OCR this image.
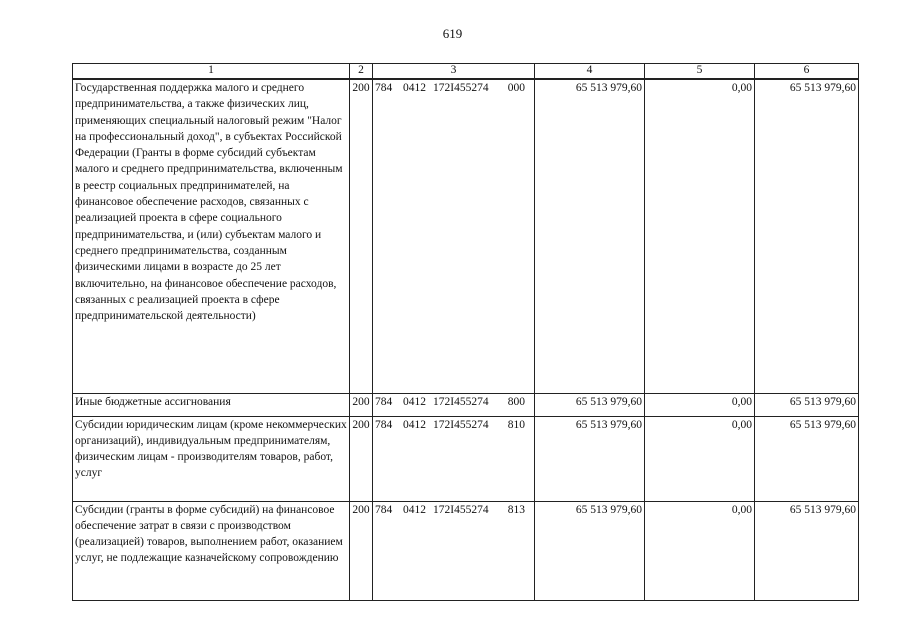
619
1	2	3	4	5	6
Государственная поддержка малого и среднего предпринимательства, а также физических лиц, применяющих специальный налоговый режим "Налог на профессиональный доход", в субъектах Российской Федерации (Гранты в форме субсидий субъектам малого и среднего предпринимательства, включенным в реестр социальных предпринимателей, на финансовое обеспечение расходов, связанных с реализацией проекта в сфере социального предпринимательства, и (или) субъектам малого и среднего предпринимательства, созданным физическими лицами в возрасте до 25 лет включительно, на финансовое обеспечение расходов, связанных с реализацией проекта в сфере предпринимательской деятельности)	200	784 0412 172I455274 000	65 513 979,60	0,00	65 513 979,60
Иные бюджетные ассигнования	200	784 0412 172I455274 800	65 513 979,60	0,00	65 513 979,60
Субсидии юридическим лицам (кроме некоммерческих организаций), индивидуальным предпринимателям, физическим лицам - производителям товаров, работ, услуг	200	784 0412 172I455274 810	65 513 979,60	0,00	65 513 979,60
Субсидии (гранты в форме субсидий) на финансовое обеспечение затрат в связи с производством (реализацией) товаров, выполнением работ, оказанием услуг, не подлежащие казначейскому сопровождению	200	784 0412 172I455274 813	65 513 979,60	0,00	65 513 979,60
